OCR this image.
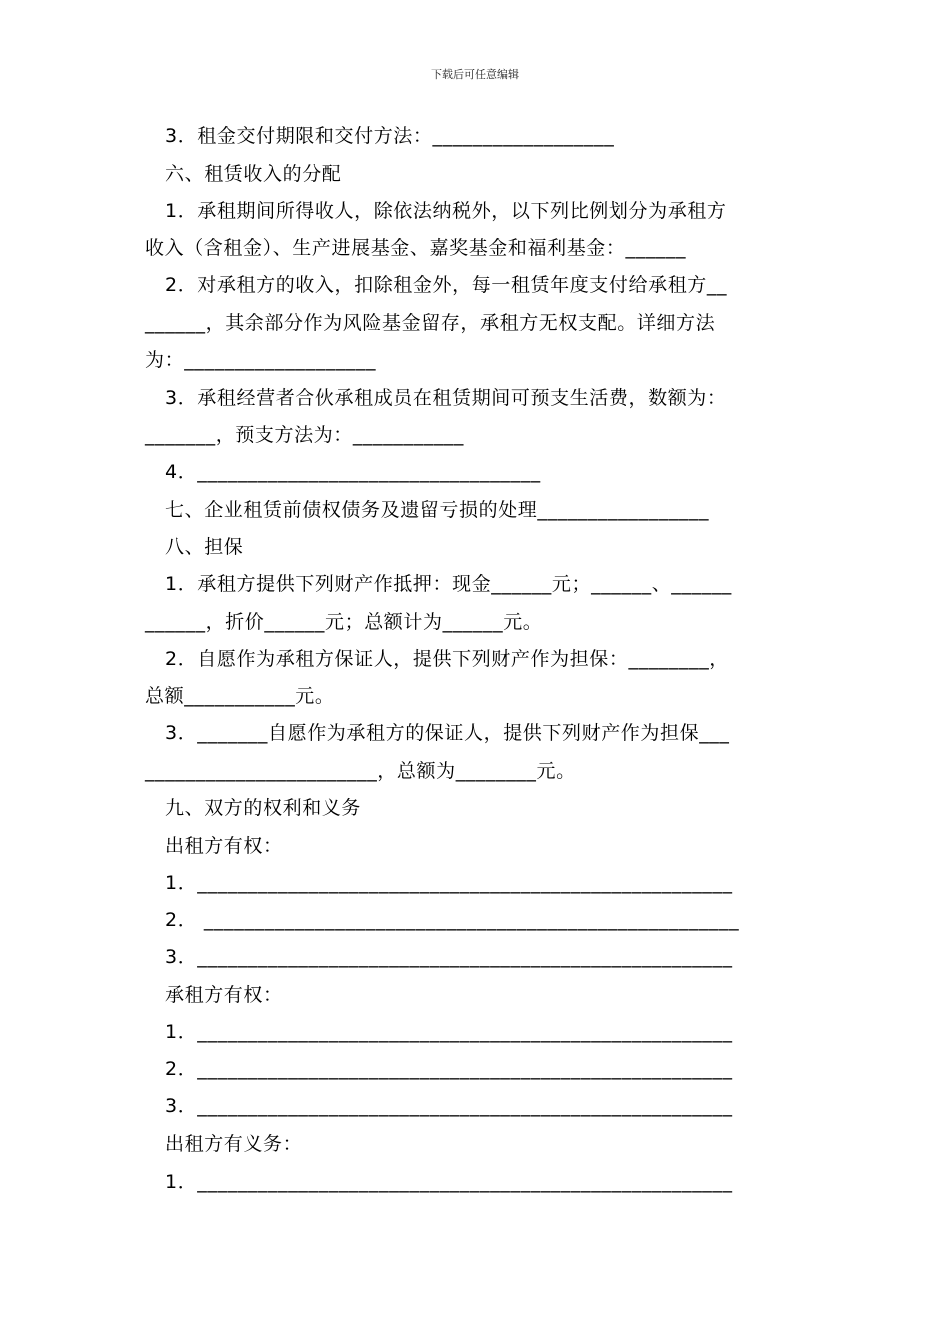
下载后可任意编辑
3．租金交付期限和交付方法：__________________
六、租赁收入的分配
1．承租期间所得收人，除依法纳税外，以下列比例划分为承租方
收入（含租金）、生产进展基金、嘉奖基金和福利基金：______
2．对承租方的收入，扣除租金外，每一租赁年度支付给承租方__
______，其余部分作为风险基金留存，承租方无权支配。详细方法
为：___________________
3．承租经营者合伙承租成员在租赁期间可预支生活费，数额为：
_______，预支方法为：___________
4．__________________________________
七、企业租赁前债权债务及遗留亏损的处理_________________
八、担保
1．承租方提供下列财产作抵押：现金______元；______、______
______，折价______元；总额计为______元。
2．自愿作为承租方保证人，提供下列财产作为担保：________，
总额___________元。
3．_______自愿作为承租方的保证人，提供下列财产作为担保___
_______________________，总额为________元。
九、双方的权利和义务
出租方有权：
1．_____________________________________________________
2． _____________________________________________________
3．_____________________________________________________
承租方有权：
1．_____________________________________________________
2．_____________________________________________________
3．_____________________________________________________
出租方有义务：
1．_____________________________________________________
